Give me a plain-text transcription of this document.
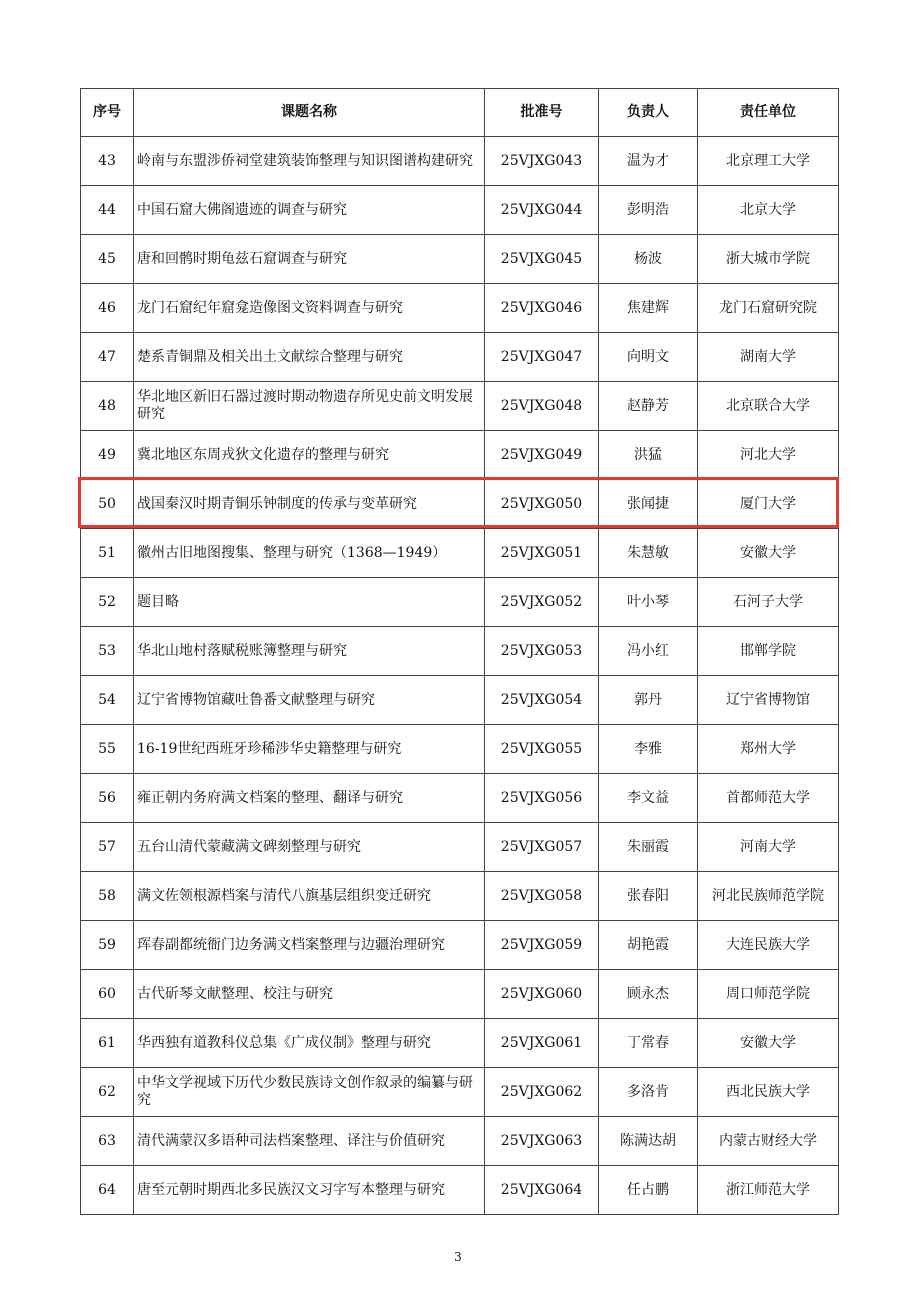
序号	课题名称	批准号	负责人	责任单位
43	岭南与东盟涉侨祠堂建筑装饰整理与知识图谱构建研究	25VJXG043	温为才	北京理工大学
44	中国石窟大佛阁遗迹的调查与研究	25VJXG044	彭明浩	北京大学
45	唐和回鹘时期龟兹石窟调查与研究	25VJXG045	杨波	浙大城市学院
46	龙门石窟纪年窟龛造像图文资料调查与研究	25VJXG046	焦建辉	龙门石窟研究院
47	楚系青铜鼎及相关出土文献综合整理与研究	25VJXG047	向明文	湖南大学
48	华北地区新旧石器过渡时期动物遗存所见史前文明发展研究	25VJXG048	赵静芳	北京联合大学
49	冀北地区东周戎狄文化遗存的整理与研究	25VJXG049	洪猛	河北大学
50	战国秦汉时期青铜乐钟制度的传承与变革研究	25VJXG050	张闻捷	厦门大学
51	徽州古旧地图搜集、整理与研究（1368—1949）	25VJXG051	朱慧敏	安徽大学
52	题目略	25VJXG052	叶小琴	石河子大学
53	华北山地村落赋税账簿整理与研究	25VJXG053	冯小红	邯郸学院
54	辽宁省博物馆藏吐鲁番文献整理与研究	25VJXG054	郭丹	辽宁省博物馆
55	16-19世纪西班牙珍稀涉华史籍整理与研究	25VJXG055	李雅	郑州大学
56	雍正朝内务府满文档案的整理、翻译与研究	25VJXG056	李文益	首都师范大学
57	五台山清代蒙藏满文碑刻整理与研究	25VJXG057	朱丽霞	河南大学
58	满文佐领根源档案与清代八旗基层组织变迁研究	25VJXG058	张春阳	河北民族师范学院
59	珲春副都统衙门边务满文档案整理与边疆治理研究	25VJXG059	胡艳霞	大连民族大学
60	古代斫琴文献整理、校注与研究	25VJXG060	顾永杰	周口师范学院
61	华西独有道教科仪总集《广成仪制》整理与研究	25VJXG061	丁常春	安徽大学
62	中华文学视域下历代少数民族诗文创作叙录的编纂与研究	25VJXG062	多洛肯	西北民族大学
63	清代满蒙汉多语种司法档案整理、译注与价值研究	25VJXG063	陈满达胡	内蒙古财经大学
64	唐至元朝时期西北多民族汉文习字写本整理与研究	25VJXG064	任占鹏	浙江师范大学
3
